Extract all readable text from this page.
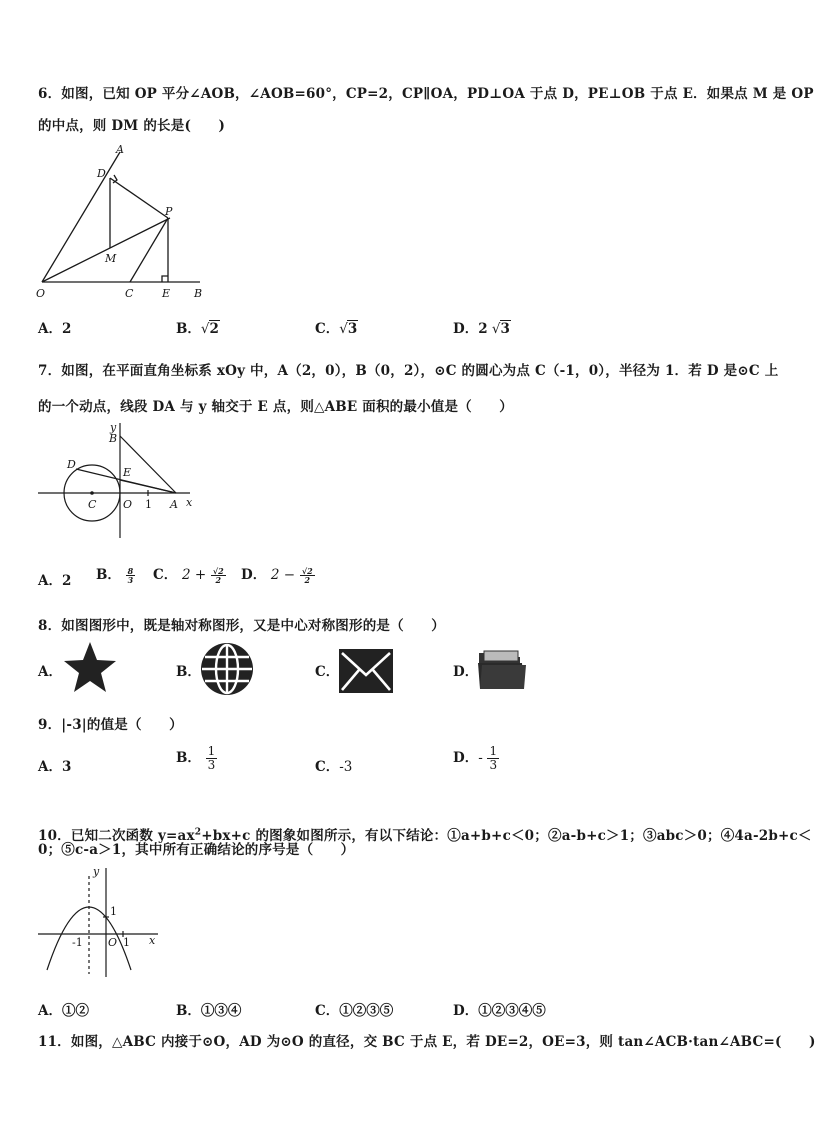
6．如图，已知 OP 平分∠AOB，∠AOB=60°，CP=2，CP∥OA，PD⊥OA 于点 D，PE⊥OB 于点 E．如果点 M 是 OP
的中点，则 DM 的长是(　　)
A
D
P
M
O	C	E B
A．2	B．√2	C．√3	D．2 √3
7．如图，在平面直角坐标系 xOy 中，A（2，0），B（0，2），⊙C 的圆心为点 C（-1，0），半径为 1．若 D 是⊙C 上
的一个动点，线段 DA 与 y 轴交于 E 点，则△ABE 面积的最小值是（　　）
y
B
D
E
C O 1 A x
A．2 B． $\frac{8}{3}$ C． $2 + \frac{√2}{2}$ D． $2 - \frac{√2}{2}$
8．如图图形中，既是轴对称图形，又是中心对称图形的是（　　）
A．	B．	C．	D．
9．|-3|的值是（　　）
A．3
B． $\frac{1}{3}$	C．-3
D．- $\frac{1}{3}$
10．已知二次函数 $y=ax^2+bx+c$ 的图象如图所示，有以下结论：①a+b+c＜0；②a-b+c＞1；③abc＞0；④4a-2b+c＜
0；⑤c-a＞1，其中所有正确结论的序号是（　　）
y
1
-1 O 1 x
A．①②	B．①③④	C．①②③⑤	D．①②③④⑤
11．如图，△ABC 内接于⊙O，AD 为⊙O 的直径，交 BC 于点 E，若 DE=2，OE=3，则 tan∠ACB·tan∠ABC=(　　)
